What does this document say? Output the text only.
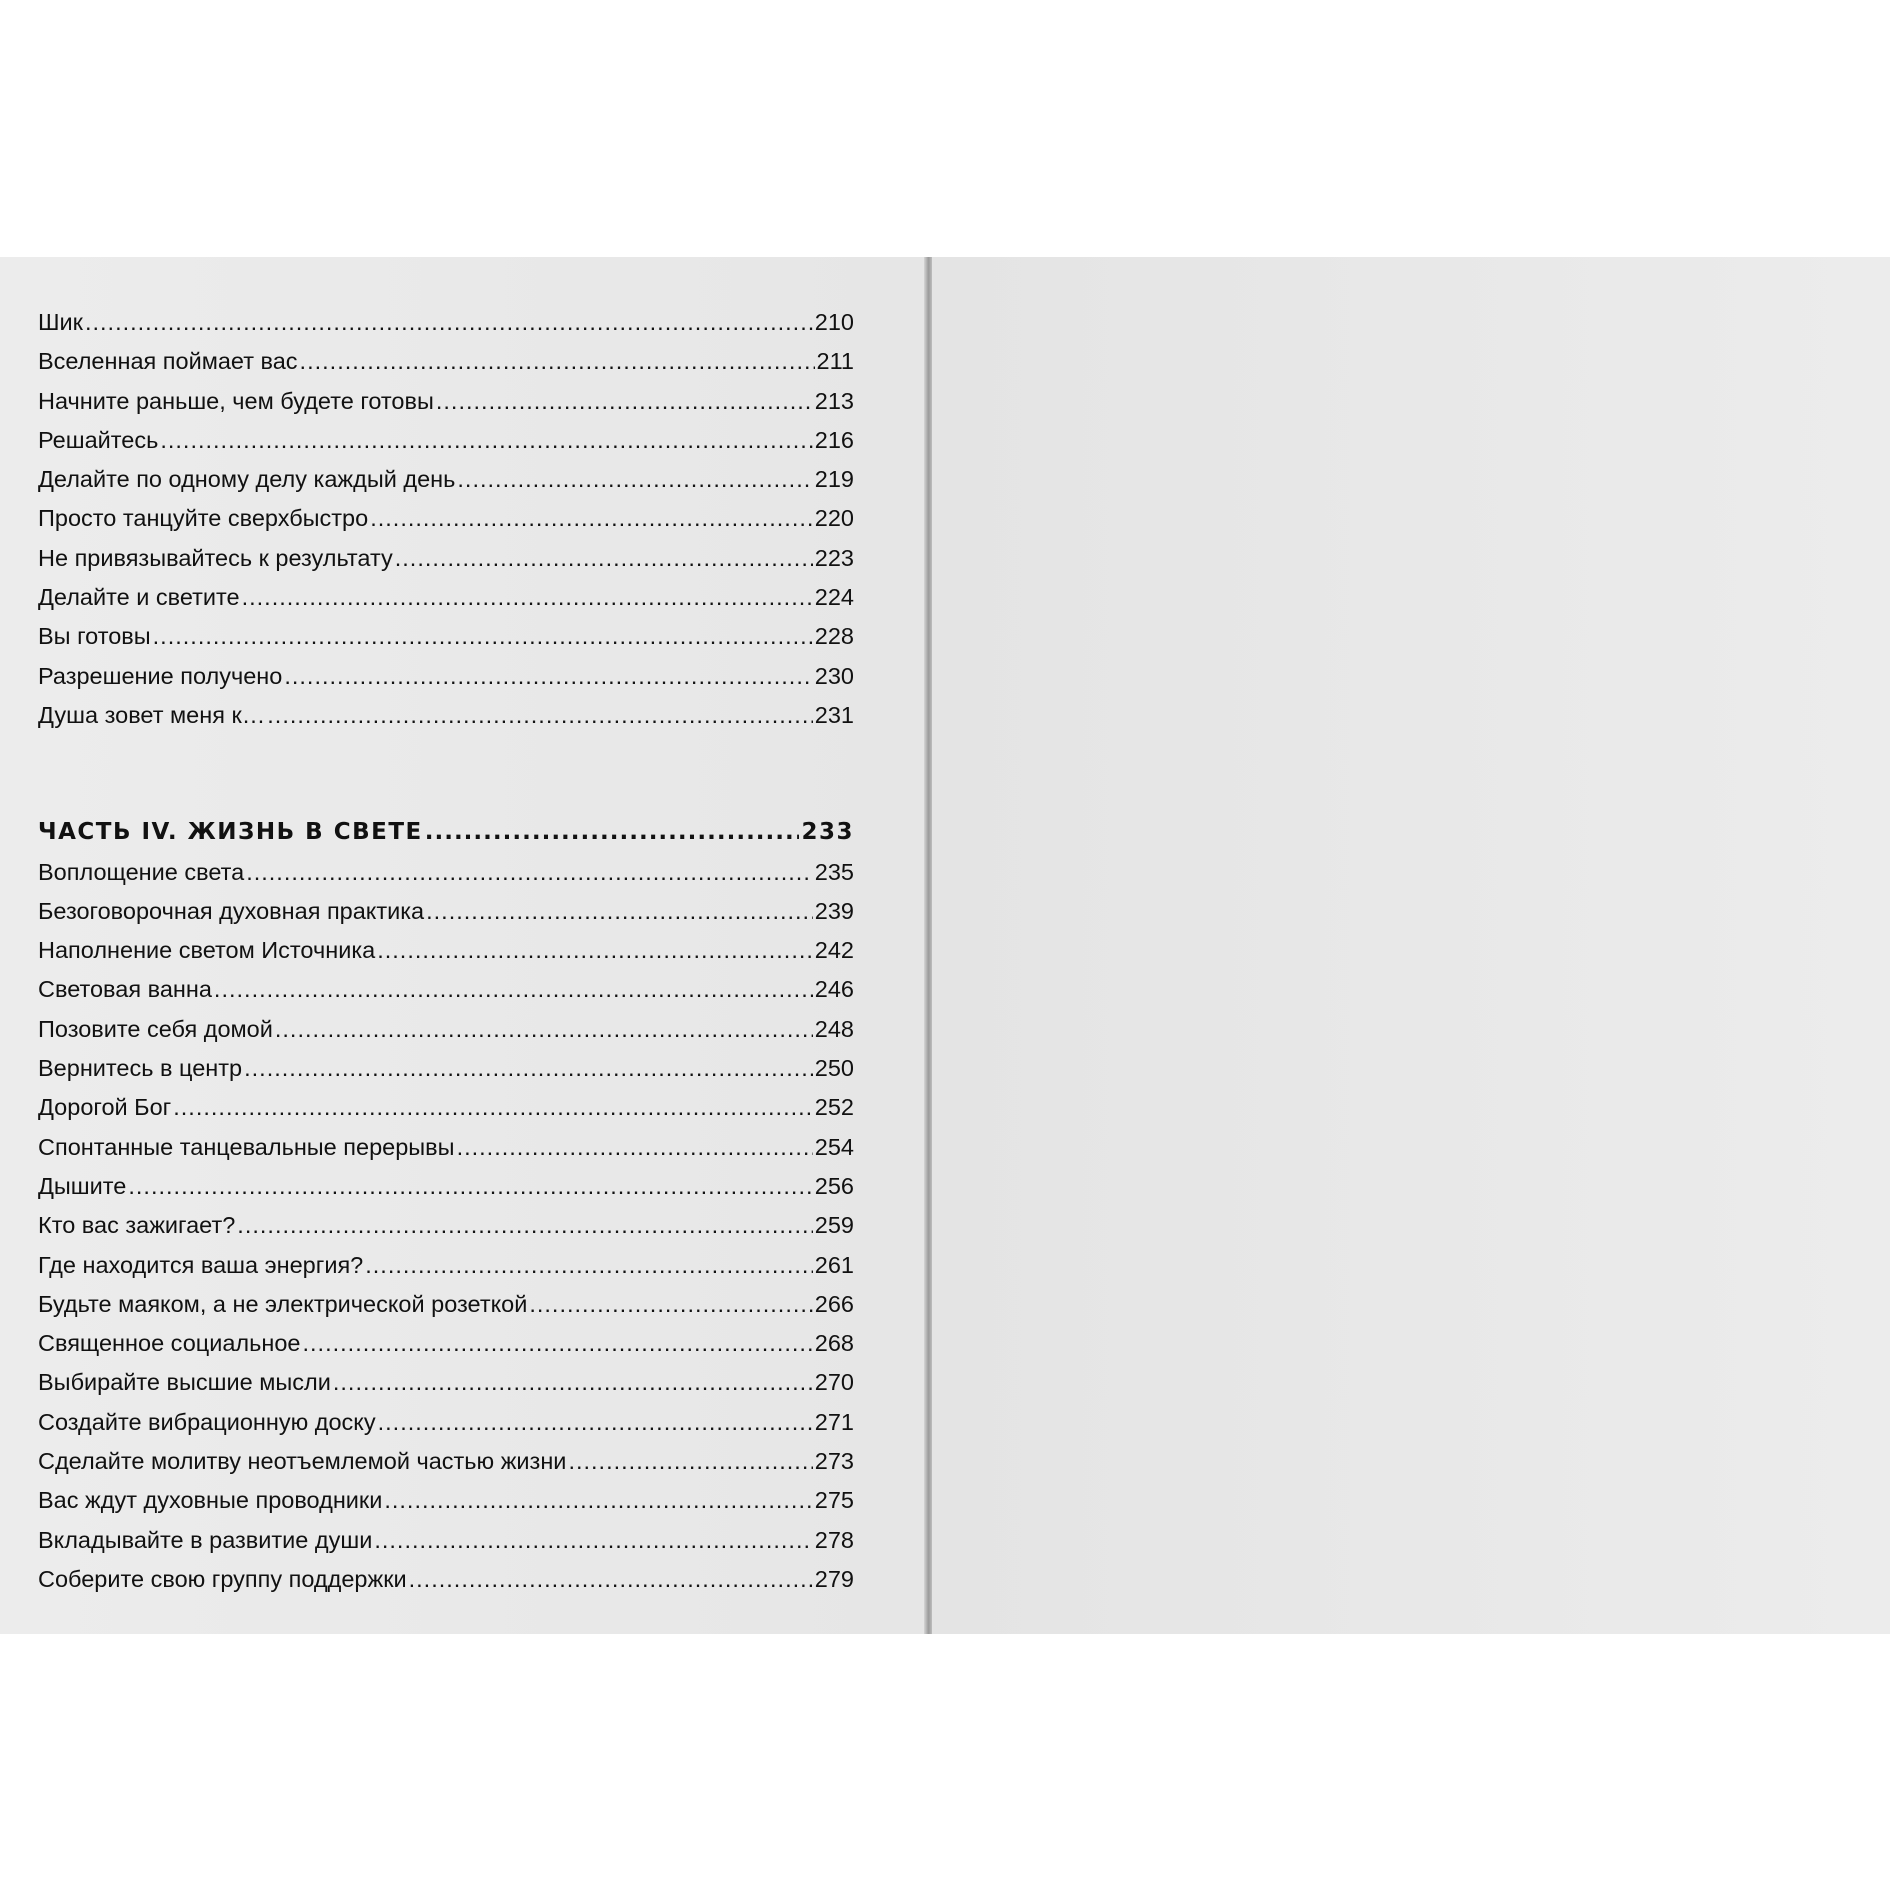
Шик .....	210
Вселенная поймает вас .....	211
Начните раньше, чем будете готовы .....	213
Решайтесь .....	216
Делайте по одному делу каждый день .....	219
Просто танцуйте сверхбыстро .....	220
Не привязывайтесь к результату .....	223
Делайте и светите .....	224
Вы готовы .....	228
Разрешение получено .....	230
Душа зовет меня к… .....	231
ЧАСТЬ IV. ЖИЗНЬ В СВЕТЕ .....	233
Воплощение света .....	235
Безоговорочная духовная практика .....	239
Наполнение светом Источника .....	242
Световая ванна .....	246
Позовите себя домой .....	248
Вернитесь в центр .....	250
Дорогой Бог .....	252
Спонтанные танцевальные перерывы .....	254
Дышите .....	256
Кто вас зажигает? .....	259
Где находится ваша энергия? .....	261
Будьте маяком, а не электрической розеткой .....	266
Священное социальное .....	268
Выбирайте высшие мысли .....	270
Создайте вибрационную доску .....	271
Сделайте молитву неотъемлемой частью жизни .....	273
Вас ждут духовные проводники .....	275
Вкладывайте в развитие души .....	278
Соберите свою группу поддержки .....	279
